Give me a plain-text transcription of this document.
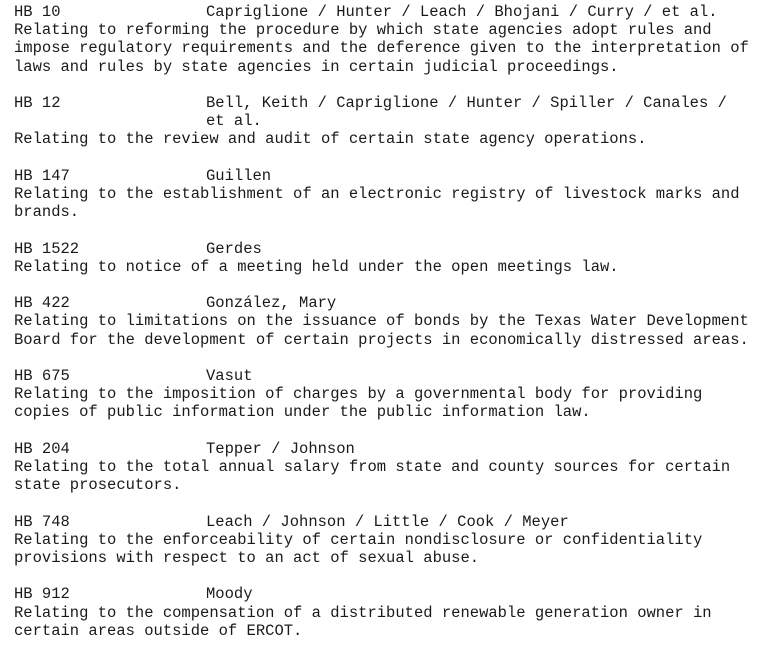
HB 10	Capriglione / Hunter / Leach / Bhojani / Curry / et al.
Relating to reforming the procedure by which state agencies adopt rules and impose regulatory requirements and the deference given to the interpretation of laws and rules by state agencies in certain judicial proceedings.
HB 12	Bell, Keith / Capriglione / Hunter / Spiller / Canales / et al.
Relating to the review and audit of certain state agency operations.
HB 147	Guillen
Relating to the establishment of an electronic registry of livestock marks and brands.
HB 1522	Gerdes
Relating to notice of a meeting held under the open meetings law.
HB 422	González, Mary
Relating to limitations on the issuance of bonds by the Texas Water Development Board for the development of certain projects in economically distressed areas.
HB 675	Vasut
Relating to the imposition of charges by a governmental body for providing copies of public information under the public information law.
HB 204	Tepper / Johnson
Relating to the total annual salary from state and county sources for certain state prosecutors.
HB 748	Leach / Johnson / Little / Cook / Meyer
Relating to the enforceability of certain nondisclosure or confidentiality provisions with respect to an act of sexual abuse.
HB 912	Moody
Relating to the compensation of a distributed renewable generation owner in certain areas outside of ERCOT.
